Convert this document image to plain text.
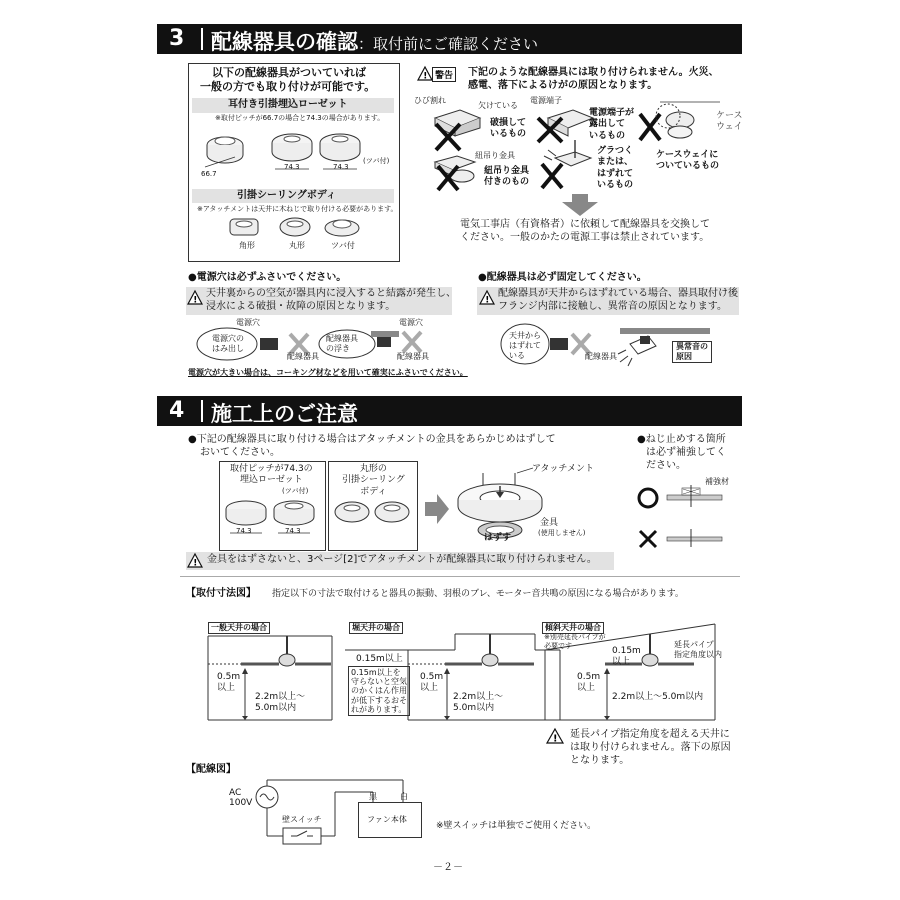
3 配線器具の確認：取付前にご確認ください
以下の配線器具がついていれば
一般の方でも取り付けが可能です。
耳付き引掛埋込ローゼット
※取付ピッチが66.7の場合と74.3の場合があります。
66.7
74.3	74.3
(ツバ付)
引掛シーリングボディ
※アタッチメントは天井に木ねじで取り付ける必要があります。
角形	丸形	ツバ付
! 警告	下記のような配線器具には取り付けられません。火災、
感電、落下によるけがの原因となります。
ひび割れ
欠けている
電源端子
ケース
ウェイ
破損して
いるもの
電源端子が
露出して
いるもの
ケースウェイに
ついているもの
紐吊り金具
紐吊り金具
付きのもの
グラつく
または、
はずれて
いるもの
電気工事店（有資格者）に依頼して配線器具を交換して
ください。一般のかたの電源工事は禁止されています。
●電源穴は必ずふさいでください。
!
天井裏からの空気が器具内に浸入すると結露が発生し、
浸水による破損・故障の原因となります。
電源穴	電源穴
電源穴の
はみ出し
配線器具
の浮き
配線器具	配線器具
電源穴が大きい場合は、コーキング材などを用いて確実にふさいでください。
●配線器具は必ず固定してください。
!
配線器具が天井からはずれている場合、器具取付け後
フランジ内部に接触し、異常音の原因となります。
天井から
はずれて
いる	配線器具
異常音の
原因
4 施工上のご注意
●下記の配線器具に取り付ける場合はアタッチメントの金具をあらかじめはずして
おいてください。
取付ピッチが74.3の
埋込ローゼット
(ツバ付)
74.3	74.3
丸形の
引掛シーリング
ボディ
アタッチメント
金具
(使用しません)
はずす
! 金具をはずさないと、3ページ[2]でアタッチメントが配線器具に取り付けられません。
●ねじ止めする箇所
は必ず補強してく
ださい。
補強材
【取付寸法図】 指定以下の寸法で取付けると器具の振動、羽根のブレ、モーター音共鳴の原因になる場合があります。
一般天井の場合	堀天井の場合	傾斜天井の場合
0.5m
以上
2.2m以上～
5.0m以内
0.15m以上
0.15m以上を
守らないと空気
のかくはん作用
が低下するおそ
れがあります。
0.5m
以上
2.2m以上～
5.0m以内
※別売延長パイプが
必要です	延長パイプ
指定角度以内
0.15m
以上
0.5m
以上
2.2m以上～5.0m以内
! 延長パイプ指定角度を超える天井に
は取り付けられません。落下の原因
となります。
【配線図】
AC
100V
壁スイッチ
黒	白
ファン本体
※壁スイッチは単独でご使用ください。
－２－
